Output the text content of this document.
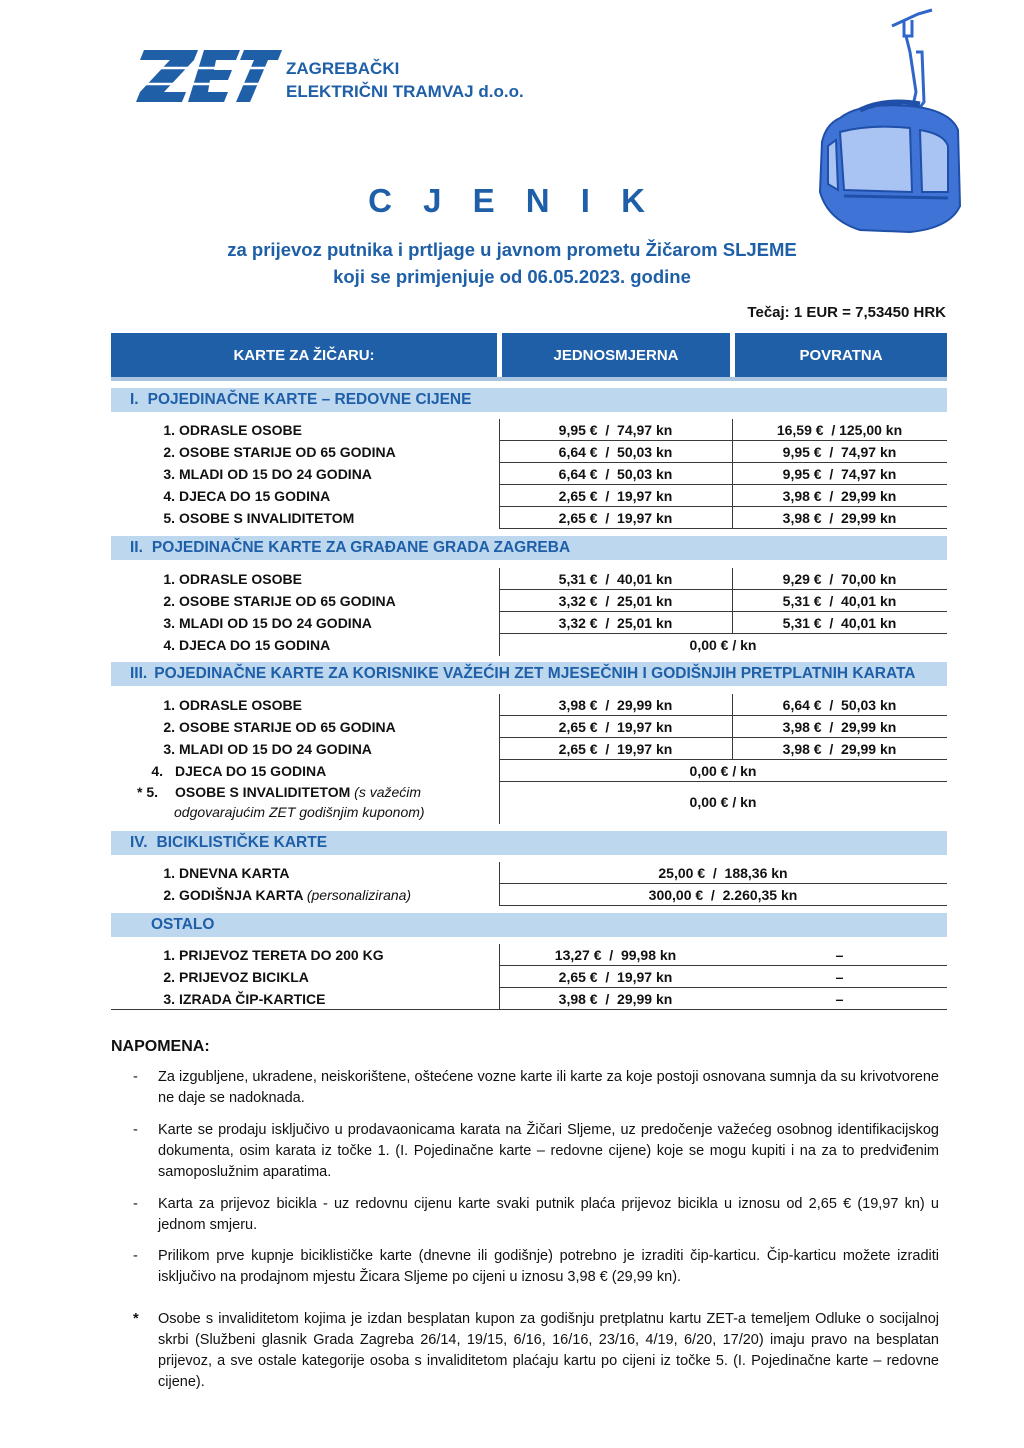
ZAGREBAČKI
ELEKTRIČNI TRAMVAJ d.o.o.
C J E N I K
za prijevoz putnika i prtljage u javnom prometu Žičarom SLJEME
koji se primjenjuje od 06.05.2023. godine
Tečaj: 1 EUR = 7,53450 HRK
KARTE ZA ŽIČARU:	JEDNOSMJERNA	POVRATNA
I. POJEDINAČNE KARTE – REDOVNE CIJENE
1. ODRASLE OSOBE	9,95 €  /  74,97 kn	16,59 €  / 125,00 kn
2. OSOBE STARIJE OD 65 GODINA	6,64 €  /  50,03 kn	9,95 €  /  74,97 kn
3. MLADI OD 15 DO 24 GODINA	6,64 €  /  50,03 kn	9,95 €  /  74,97 kn
4. DJECA DO 15 GODINA	2,65 €  /  19,97 kn	3,98 €  /  29,99 kn
5. OSOBE S INVALIDITETOM	2,65 €  /  19,97 kn	3,98 €  /  29,99 kn
II. POJEDINAČNE KARTE ZA GRAĐANE GRADA ZAGREBA
1. ODRASLE OSOBE	5,31 €  /  40,01 kn	9,29 €  /  70,00 kn
2. OSOBE STARIJE OD 65 GODINA	3,32 €  /  25,01 kn	5,31 €  /  40,01 kn
3. MLADI OD 15 DO 24 GODINA	3,32 €  /  25,01 kn	5,31 €  /  40,01 kn
4. DJECA DO 15 GODINA	0,00 € / kn
III. POJEDINAČNE KARTE ZA KORISNIKE VAŽEĆIH ZET MJESEČNIH I GODIŠNJIH PRETPLATNIH KARATA
1. ODRASLE OSOBE	3,98 €  /  29,99 kn	6,64 €  /  50,03 kn
2. OSOBE STARIJE OD 65 GODINA	2,65 €  /  19,97 kn	3,98 €  /  29,99 kn
3. MLADI OD 15 DO 24 GODINA	2,65 €  /  19,97 kn	3,98 €  /  29,99 kn
4. DJECA DO 15 GODINA	0,00 € / kn
* 5. OSOBE S INVALIDITETOM (s važećim
odgovarajućim ZET godišnjim kuponom)
0,00 € / kn
IV. BICIKLISTIČKE KARTE
1. DNEVNA KARTA	25,00 €  /  188,36 kn
2. GODIŠNJA KARTA (personalizirana)	300,00 €  /  2.260,35 kn
OSTALO
1. PRIJEVOZ TERETA DO 200 KG	13,27 €  /  99,98 kn	–
2. PRIJEVOZ BICIKLA	2,65 €  /  19,97 kn	–
3. IZRADA ČIP-KARTICE	3,98 €  /  29,99 kn	–
NAPOMENA:
- Za izgubljene, ukradene, neiskorištene, oštećene vozne karte ili karte za koje postoji osnovana sumnja da su krivotvorene ne daje se nadoknada.
- Karte se prodaju isključivo u prodavaonicama karata na Žičari Sljeme, uz predočenje važećeg osobnog identifikacijskog dokumenta, osim karata iz točke 1. (I. Pojedinačne karte – redovne cijene) koje se mogu kupiti i na za to predviđenim samoposlužnim aparatima.
- Karta za prijevoz bicikla - uz redovnu cijenu karte svaki putnik plaća prijevoz bicikla u iznosu od 2,65 € (19,97 kn) u jednom smjeru.
- Prilikom prve kupnje biciklističke karte (dnevne ili godišnje) potrebno je izraditi čip-karticu. Čip-karticu možete izraditi isključivo na prodajnom mjestu Žicara Sljeme po cijeni u iznosu 3,98 € (29,99 kn).
* Osobe s invaliditetom kojima je izdan besplatan kupon za godišnju pretplatnu kartu ZET-a temeljem Odluke o socijalnoj skrbi (Službeni glasnik Grada Zagreba 26/14, 19/15, 6/16, 16/16, 23/16, 4/19, 6/20, 17/20) imaju pravo na besplatan prijevoz, a sve ostale kategorije osoba s invaliditetom plaćaju kartu po cijeni iz točke 5. (I. Pojedinačne karte – redovne cijene).
